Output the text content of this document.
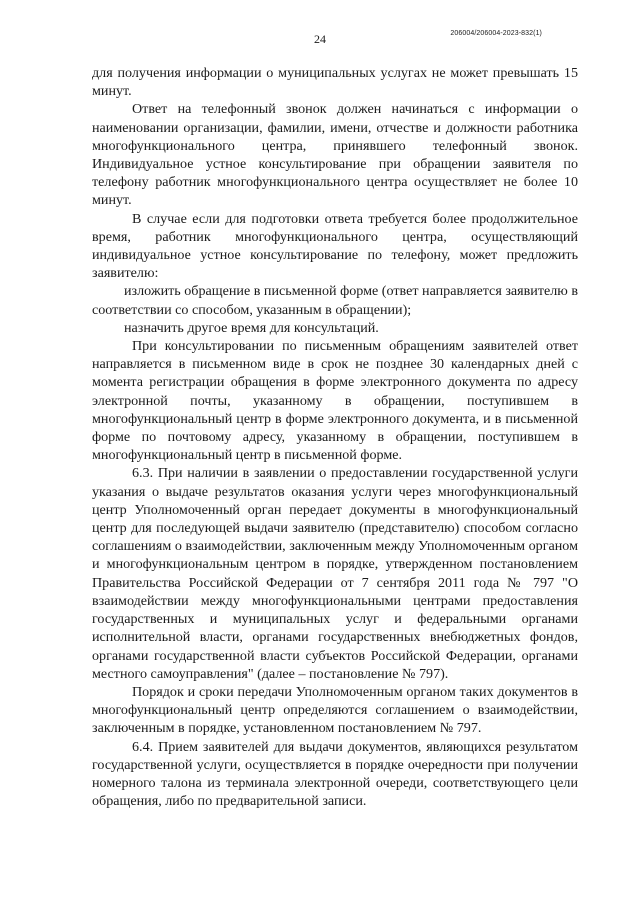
24	206004/206004-2023-832(1)

для получения информации о муниципальных услугах не может превышать 15 минут.

Ответ на телефонный звонок должен начинаться с информации о наименовании организации, фамилии, имени, отчестве и должности работника многофункционального центра, принявшего телефонный звонок. Индивидуальное устное консультирование при обращении заявителя по телефону работник многофункционального центра осуществляет не более 10 минут.

В случае если для подготовки ответа требуется более продолжительное время, работник многофункционального центра, осуществляющий индивидуальное устное консультирование по телефону, может предложить заявителю:

изложить обращение в письменной форме (ответ направляется заявителю в соответствии со способом, указанным в обращении);

назначить другое время для консультаций.

При консультировании по письменным обращениям заявителей ответ направляется в письменном виде в срок не позднее 30 календарных дней с момента регистрации обращения в форме электронного документа по адресу электронной почты, указанному в обращении, поступившем в многофункциональный центр в форме электронного документа, и в письменной форме по почтовому адресу, указанному в обращении, поступившем в многофункциональный центр в письменной форме.

6.3. При наличии в заявлении о предоставлении государственной услуги указания о выдаче результатов оказания услуги через многофункциональный центр Уполномоченный орган передает документы в многофункциональный центр для последующей выдачи заявителю (представителю) способом согласно соглашениям о взаимодействии, заключенным между Уполномоченным органом и многофункциональным центром в порядке, утвержденном постановлением Правительства Российской Федерации от 7 сентября 2011 года № 797 "О взаимодействии между многофункциональными центрами предоставления государственных и муниципальных услуг и федеральными органами исполнительной власти, органами государственных внебюджетных фондов, органами государственной власти субъектов Российской Федерации, органами местного самоуправления" (далее – постановление № 797).

Порядок и сроки передачи Уполномоченным органом таких документов в многофункциональный центр определяются соглашением о взаимодействии, заключенным в порядке, установленном постановлением № 797.

6.4. Прием заявителей для выдачи документов, являющихся результатом государственной услуги, осуществляется в порядке очередности при получении номерного талона из терминала электронной очереди, соответствующего цели обращения, либо по предварительной записи.
